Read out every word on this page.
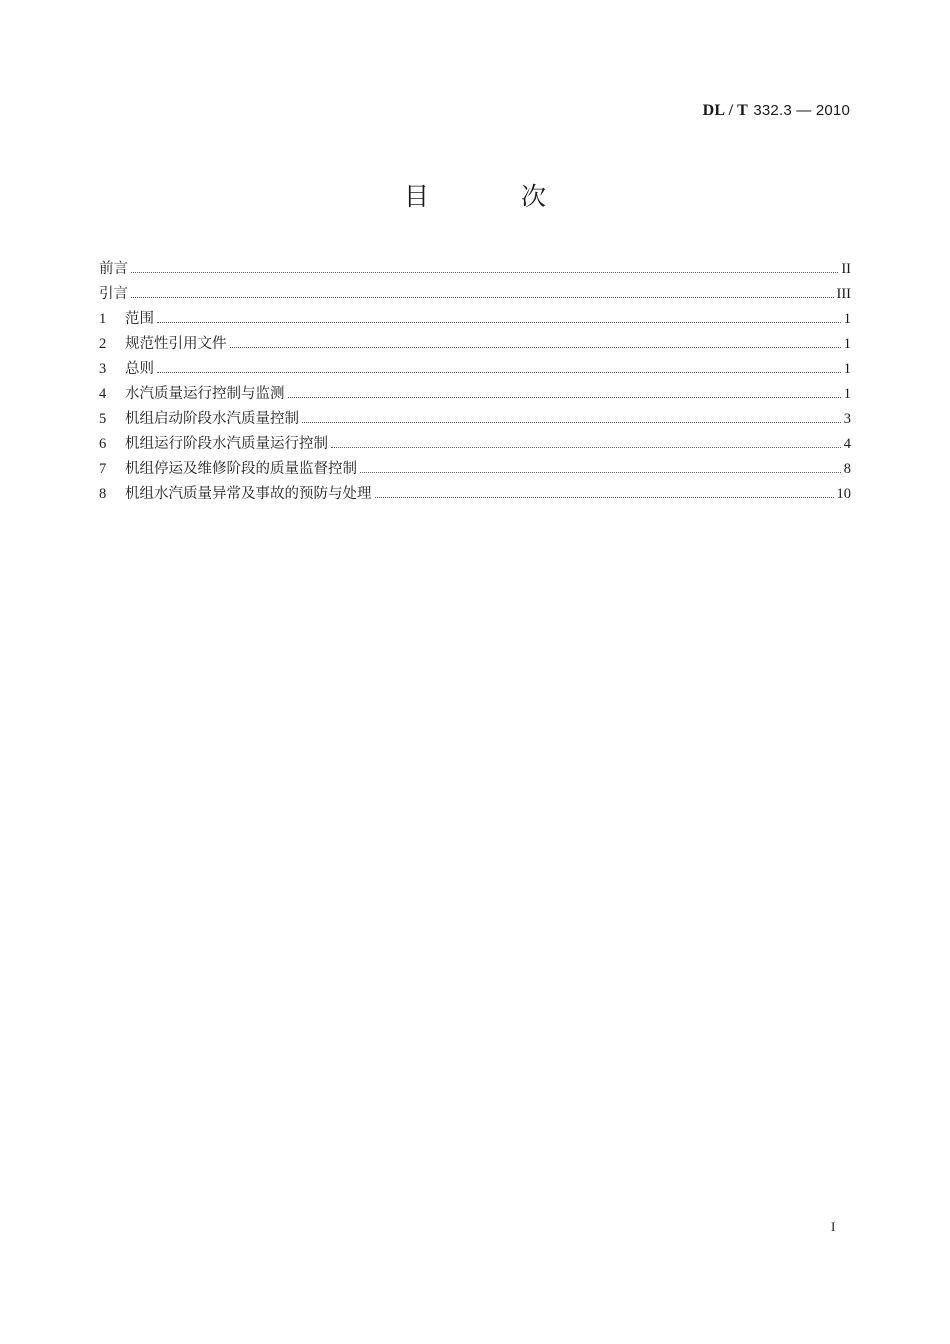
DL / T 332.3 — 2010
目 次
前言	II
引言	III
1	范围	1
2	规范性引用文件	1
3	总则	1
4	水汽质量运行控制与监测	1
5	机组启动阶段水汽质量控制	3
6	机组运行阶段水汽质量运行控制	4
7	机组停运及维修阶段的质量监督控制	8
8	机组水汽质量异常及事故的预防与处理	10
I
